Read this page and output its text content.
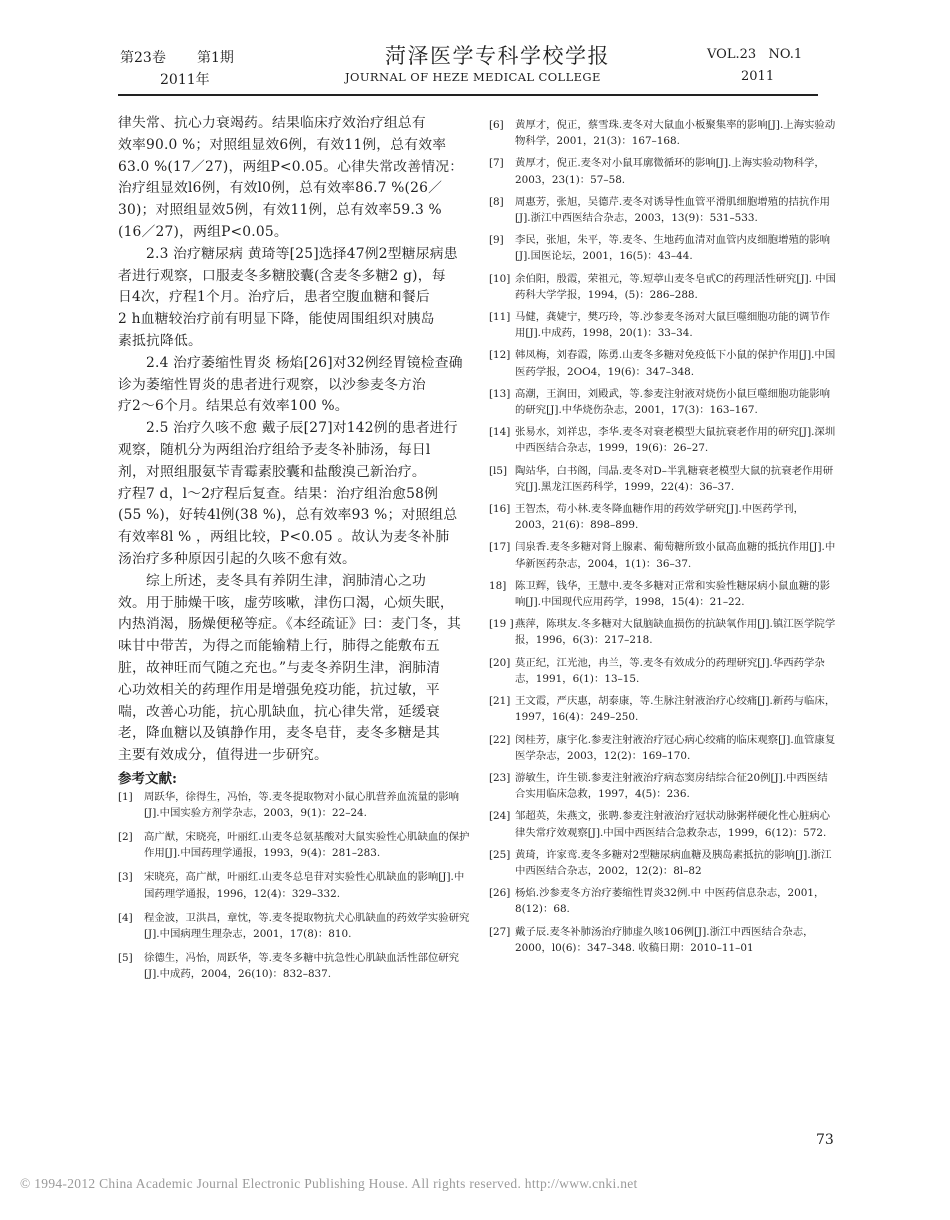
第23卷 第1期
2011年
菏泽医学专科学校学报
JOURNAL OF HEZE MEDICAL COLLEGE
VOL.23   NO.1
2011
律失常、抗心力衰竭药。结果临床疗效治疗组总有
效率90.0 %；对照组显效6例，有效11例，总有效率
63.0 %(17／27)，两组P<0.05。心律失常改善情况：
治疗组显效l6例，有效l0例，总有效率86.7 %(26／
30)；对照组显效5例，有效11例，总有效率59.3 %
(16／27)，两组P<0.05。
2.3 治疗糖尿病 黄琦等[25]选择47例2型糖尿病患
者进行观察，口服麦冬多糖胶囊(含麦冬多糖2 g)，每
日4次，疗程1个月。治疗后，患者空腹血糖和餐后
2 h血糖较治疗前有明显下降，能使周围组织对胰岛
素抵抗降低。
2.4 治疗萎缩性胃炎 杨焰[26]对32例经胃镜检查确
诊为萎缩性胃炎的患者进行观察，以沙参麦冬方治
疗2～6个月。结果总有效率100 %。
2.5 治疗久咳不愈 戴子辰[27]对142例的患者进行
观察，随机分为两组治疗组给予麦冬补肺汤，每日l
剂，对照组服氨苄青霉素胶囊和盐酸溴己新治疗。
疗程7 d，l～2疗程后复查。结果：治疗组治愈58例
(55 %)，好转4l例(38 %)，总有效率93 %；对照组总
有效率8l % ，两组比较，P<0.05 。故认为麦冬补肺
汤治疗多种原因引起的久咳不愈有效。
综上所述，麦冬具有养阴生津，润肺清心之功
效。用于肺燥干咳，虚劳咳嗽，津伤口渴，心烦失眠，
内热消渴，肠燥便秘等症。《本经疏证》曰：麦门冬，其
味甘中带苦，为得之而能输精上行，肺得之能敷布五
脏，故神旺而气随之充也。”与麦冬养阴生津，润肺清
心功效相关的药理作用是增强免疫功能，抗过敏，平
喘，改善心功能，抗心肌缺血，抗心律失常，延缓衰
老，降血糖以及镇静作用，麦冬皂苷，麦冬多糖是其
主要有效成分，值得进一步研究。
参考文献:
[1] 周跃华，徐得生，冯怡，等.麦冬提取物对小鼠心肌营养血流量的影响[J].中国实验方剂学杂志，2003，9(1)：22–24.
[2] 高广猷，宋晓亮，叶丽红.山麦冬总氨基酸对大鼠实验性心肌缺血的保护作用[J].中国药理学通报，1993，9(4)：281–283.
[3] 宋晓亮，高广猷，叶丽红.山麦冬总皂苷对实验性心肌缺血的影响[J].中国药理学通报，1996，12(4)：329–332.
[4] 程金波，卫洪昌，章忱，等.麦冬提取物抗犬心肌缺血的药效学实验研究[J].中国病理生理杂志，2001，17(8)：810.
[5] 徐德生，冯怡，周跃华，等.麦冬多糖中抗急性心肌缺血活性部位研究[J].中成药，2004，26(10)：832–837.
[6] 黄厚才，倪正，蔡雪珠.麦冬对大鼠血小板聚集率的影响[J].上海实验动物科学，2001，21(3)：167–168.
[7] 黄厚才，倪正.麦冬对小鼠耳廓微循环的影响[J].上海实验动物科学，2003，23(1)：57–58.
[8] 周惠芳，张旭，吴德芹.麦冬对诱导性血管平滑肌细胞增殖的拮抗作用[J].浙江中西医结合杂志，2003，13(9)：531–533.
[9] 李民，张旭，朱平，等.麦冬、生地药血清对血管内皮细胞增殖的影响[J].国医论坛，2001，16(5)：43–44.
[10] 余伯阳，殷霞，荣祖元，等.短葶山麦冬皂甙C的药理活性研究[J]. 中国药科大学学报，1994，(5)：286–288.
[11] 马健，龚婕宁，樊巧玲，等.沙参麦冬汤对大鼠巨噬细胞功能的调节作用[J].中成药，1998，20(1)：33–34.
[12] 韩凤梅，刘春霞，陈勇.山麦冬多糖对免疫低下小鼠的保护作用[J].中国医药学报，2OO4，19(6)：347–348.
[13] 高潮，王润田，刘殿武，等.参麦注射液对烧伤小鼠巨噬细胞功能影响的研究[J].中华烧伤杂志，2001，17(3)：163–167.
[14] 张易水，刘祥忠，李华.麦冬对衰老模型大鼠抗衰老作用的研究[J].深圳中西医结合杂志，1999，19(6)：26–27.
[l5] 陶站华，白书阁，闫晶.麦冬对D–半乳糖衰老模型大鼠的抗衰老作用研究[J].黑龙江医药科学，1999，22(4)：36–37.
[16] 王智杰，苟小林.麦冬降血糖作用的药效学研究[J].中医药学刊，2003，21(6)：898–899.
[17] 闫泉香.麦冬多糖对肾上腺素、葡萄糖所致小鼠高血糖的抵抗作用[J].中华新医药杂志，2004，1(1)：36–37.
18] 陈卫辉，钱华，王慧中.麦冬多糖对正常和实验性糖尿病小鼠血糖的影响[J].中国现代应用药学，1998，15(4)：21–22.
[19 ] 燕萍，陈琪友.冬多糖对大鼠脑缺血损伤的抗缺氧作用[J].镇江医学院学报，1996，6(3)：217–218.
[20] 莫正纪，江光池，冉兰，等.麦冬有效成分的药理研究[J].华西药学杂志，1991，6(1)：13–15.
[21] 王文霞，严庆惠，胡泰康，等.生脉注射液治疗心绞痛[J].新药与临床，1997，16(4)：249–250.
[22] 闵桂芳，康宇化.参麦注射液治疗冠心病心绞痛的临床观察[J].血管康复医学杂志，2003，12(2)：169–170.
[23] 游敏生，许生锁.参麦注射液治疗病态窦房结综合征20例[J].中西医结合实用临床急救，1997，4(5)：236.
[24] 邹超英，朱燕文，张聘.参麦注射液治疗冠状动脉粥样硬化性心脏病心律失常疗效观察[J].中国中西医结合急救杂志，1999，6(12)：572.
[25] 黄琦，许家鸾.麦冬多糖对2型糖尿病血糖及胰岛素抵抗的影响[J].浙江中西医结合杂志，2002，12(2)：8l–82
[26] 杨焰.沙参麦冬方治疗萎缩性胃炎32例.中 中医药信息杂志，2001，8(12)：68.
[27] 戴子辰.麦冬补肺汤治疗肺虚久咳106例[J].浙江中西医结合杂志，2000，l0(6)：347–348. 收稿日期：2010–11–01
73
© 1994-2012 China Academic Journal Electronic Publishing House. All rights reserved. http://www.cnki.net
